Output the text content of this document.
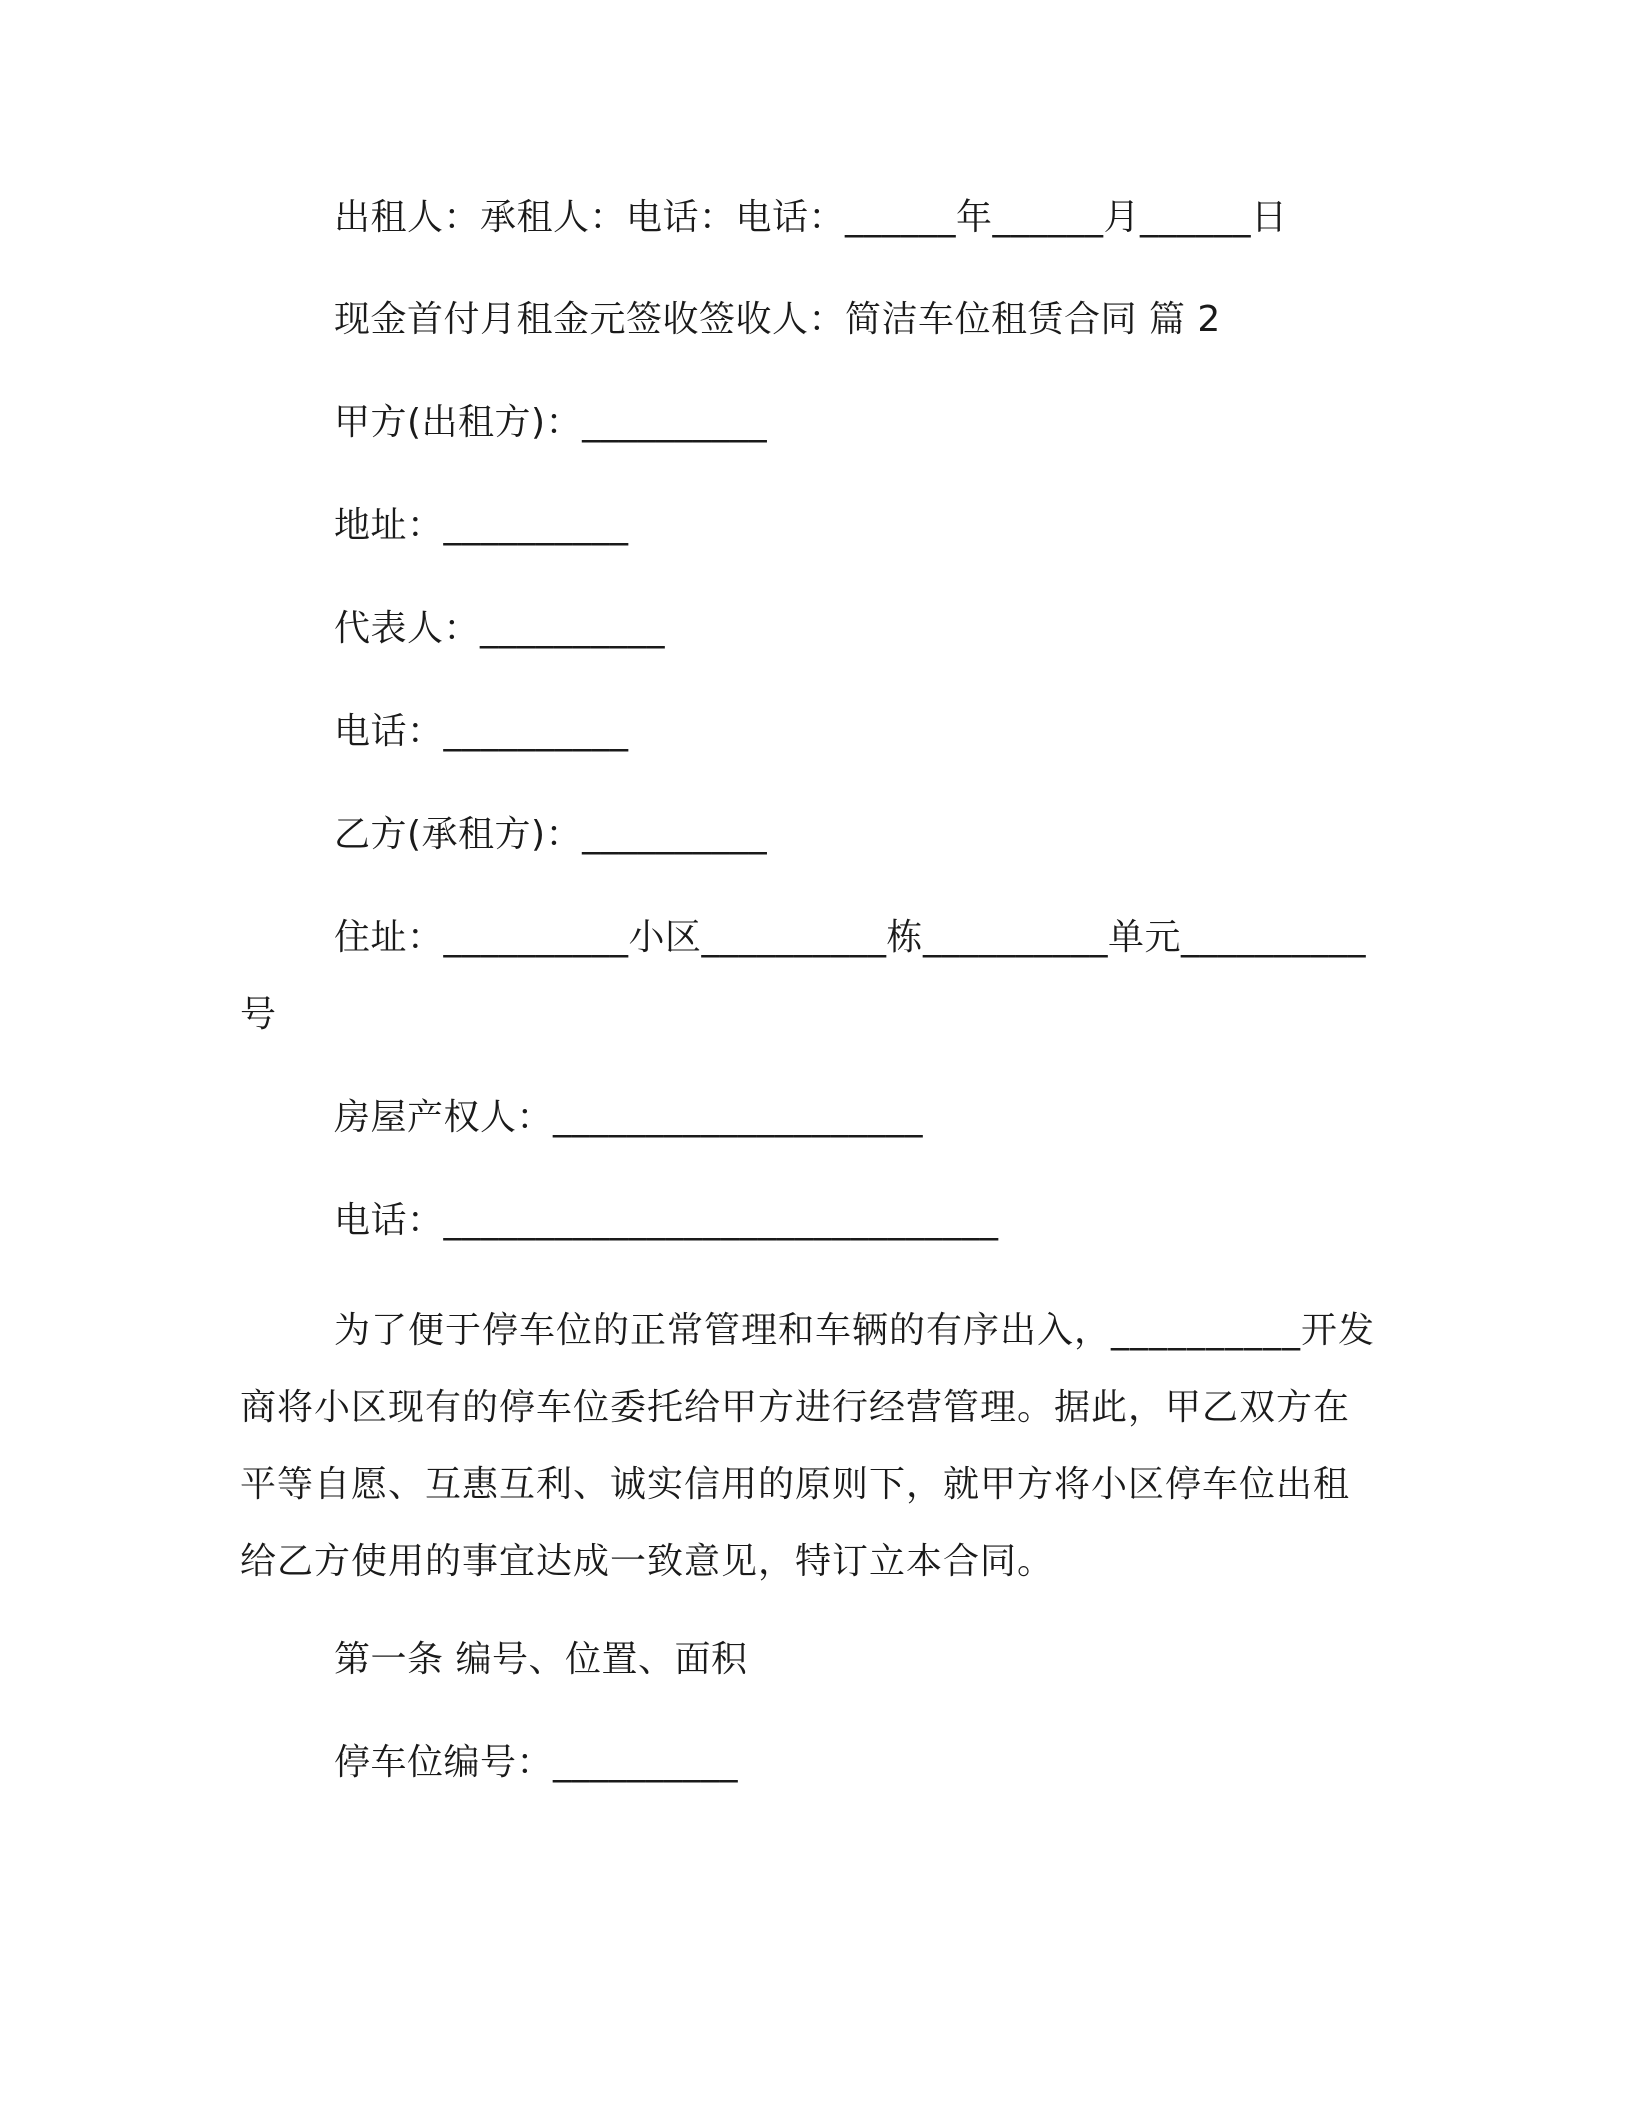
出租人：承租人：电话：电话：______年______月______日
现金首付月租金元签收签收人：简洁车位租赁合同 篇 2
甲方(出租方)：__________
地址：__________
代表人：__________
电话：__________
乙方(承租方)：__________
住址：__________小区__________栋__________单元__________
号
房屋产权人：____________________
电话：______________________________
为了便于停车位的正常管理和车辆的有序出入，__________开发
商将小区现有的停车位委托给甲方进行经营管理。据此，甲乙双方在
平等自愿、互惠互利、诚实信用的原则下，就甲方将小区停车位出租
给乙方使用的事宜达成一致意见，特订立本合同。
第一条 编号、位置、面积
停车位编号：__________
